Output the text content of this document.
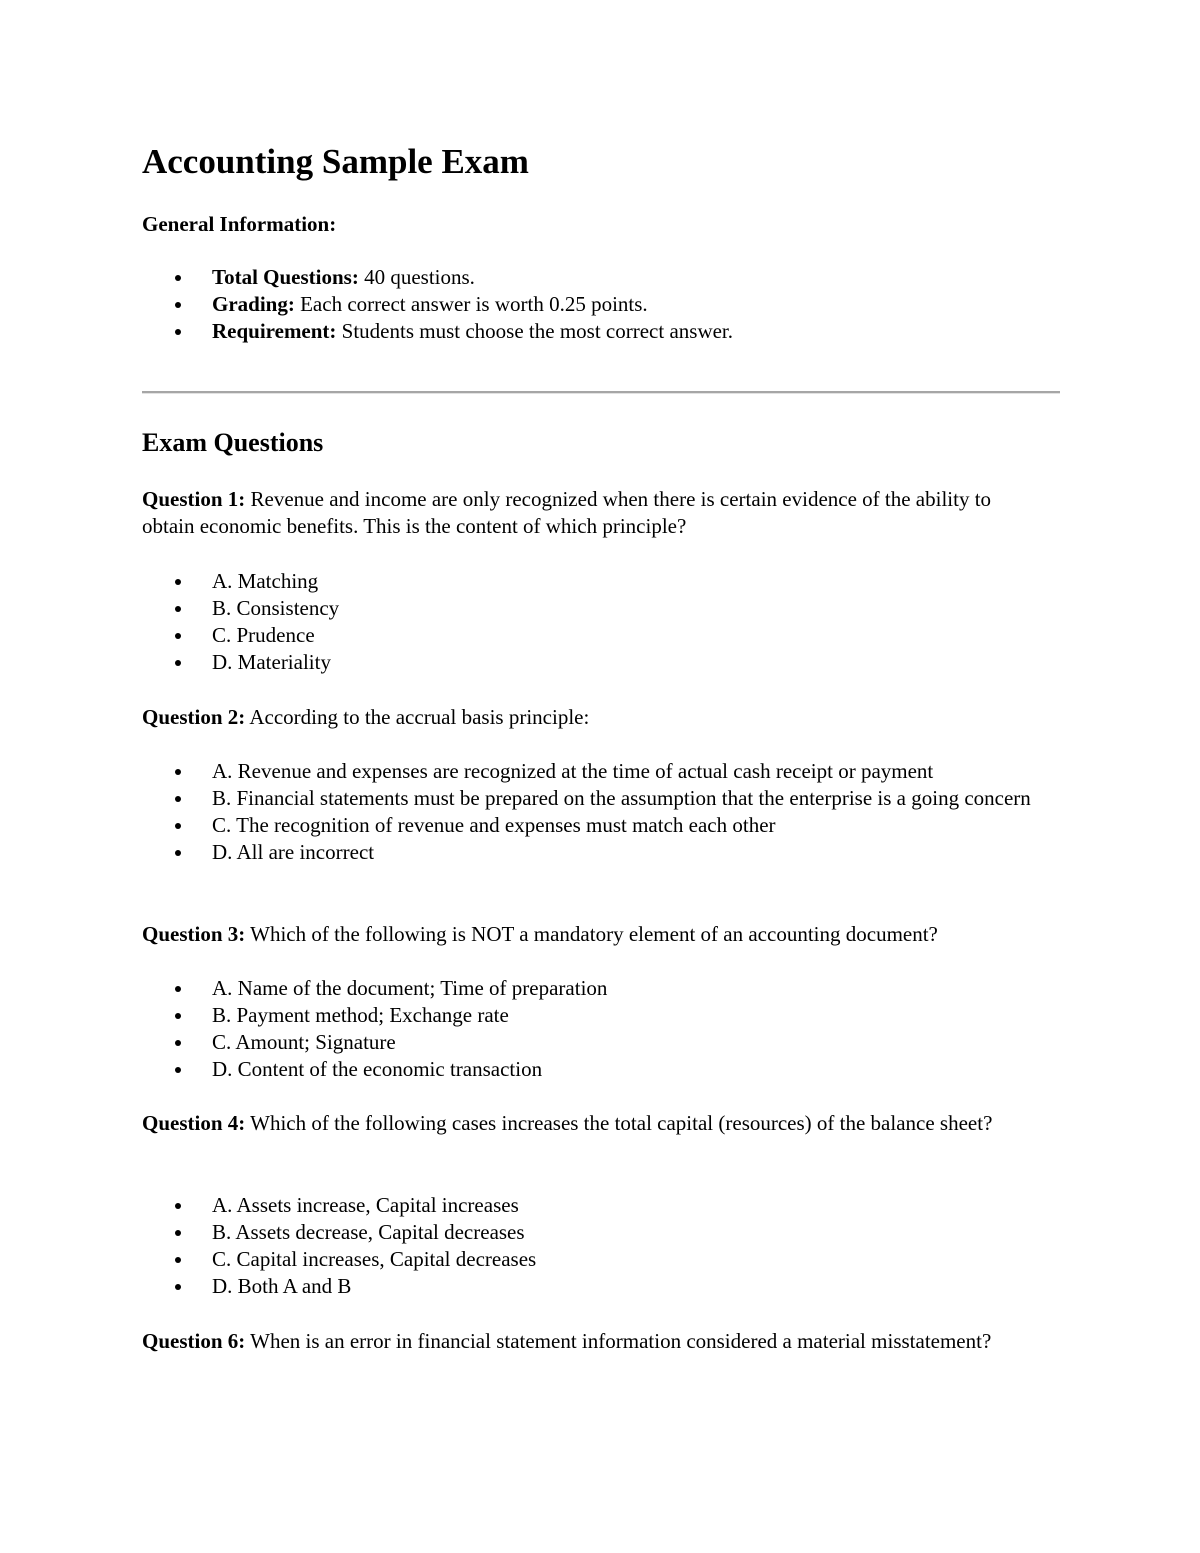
Accounting Sample Exam

General Information:

Total Questions: 40 questions.
Grading: Each correct answer is worth 0.25 points.
Requirement: Students must choose the most correct answer.
Exam Questions

Question 1: Revenue and income are only recognized when there is certain evidence of the ability to obtain economic benefits. This is the content of which principle?

A. Matching
B. Consistency
C. Prudence
D. Materiality

Question 2: According to the accrual basis principle:

A. Revenue and expenses are recognized at the time of actual cash receipt or payment
B. Financial statements must be prepared on the assumption that the enterprise is a going concern
C. The recognition of revenue and expenses must match each other
D. All are incorrect

Question 3: Which of the following is NOT a mandatory element of an accounting document?

A. Name of the document; Time of preparation
B. Payment method; Exchange rate
C. Amount; Signature
D. Content of the economic transaction

Question 4: Which of the following cases increases the total capital (resources) of the balance sheet?

A. Assets increase, Capital increases
B. Assets decrease, Capital decreases
C. Capital increases, Capital decreases
D. Both A and B

Question 6: When is an error in financial statement information considered a material misstatement?
